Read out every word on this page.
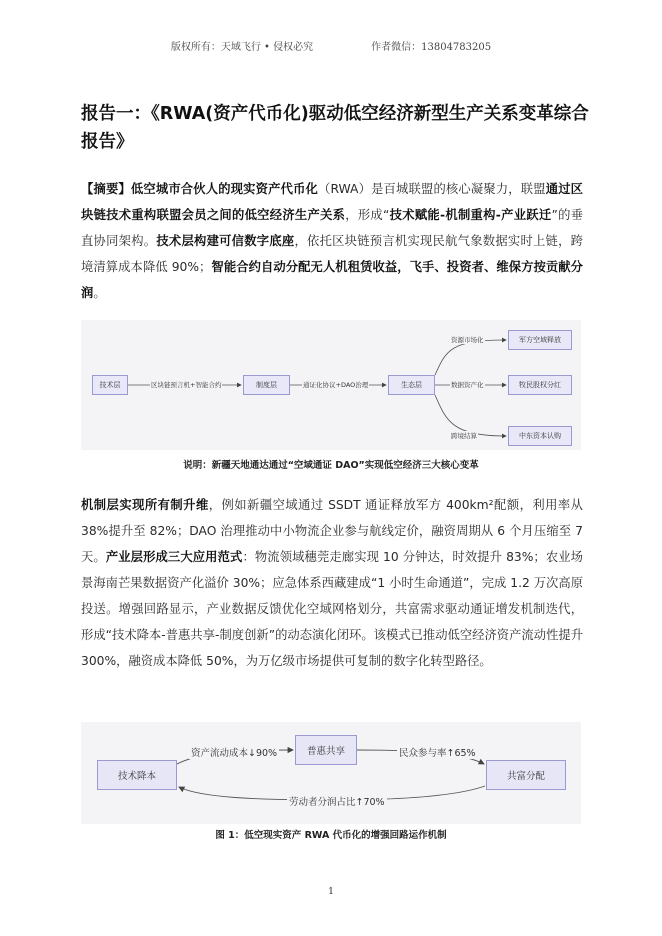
版权所有：天域飞行 • 侵权必究	作者微信：13804783205
报告一：《RWA(资产代币化)驱动低空经济新型生产关系变革综合报告》

【摘要】低空城市合伙人的现实资产代币化（RWA）是百城联盟的核心凝聚力，联盟通过区块链技术重构联盟会员之间的低空经济生产关系，形成“技术赋能-机制重构-产业跃迁”的垂直协同架构。技术层构建可信数字底座，依托区块链预言机实现民航气象数据实时上链，跨境清算成本降低 90%；智能合约自动分配无人机租赁收益，飞手、投资者、维保方按贡献分润。

技术层	制度层	生态层
军方空域释放
牧民股权分红
中东资本认购
区块链预言机+智能合约	通证化协议+DAO治理
资源市场化
数据资产化
跨境结算
说明：新疆天地通达通过“空域通证 DAO”实现低空经济三大核心变革

机制层实现所有制升维，例如新疆空域通过 SSDT 通证释放军方 400km²配额，利用率从 38%提升至 82%；DAO 治理推动中小物流企业参与航线定价，融资周期从 6 个月压缩至 7 天。产业层形成三大应用范式：物流领域穗莞走廊实现 10 分钟达，时效提升 83%；农业场景海南芒果数据资产化溢价 30%；应急体系西藏建成“1 小时生命通道”，完成 1.2 万次高原投送。增强回路显示，产业数据反馈优化空域网格划分，共富需求驱动通证增发机制迭代，形成“技术降本-普惠共享-制度创新”的动态演化闭环。该模式已推动低空经济资产流动性提升 300%，融资成本降低 50%，为万亿级市场提供可复制的数字化转型路径。

技术降本
普惠共享
共富分配
资产流动成本↓90%	民众参与率↑65%
劳动者分润占比↑70%
图 1：低空现实资产 RWA 代币化的增强回路运作机制
1
